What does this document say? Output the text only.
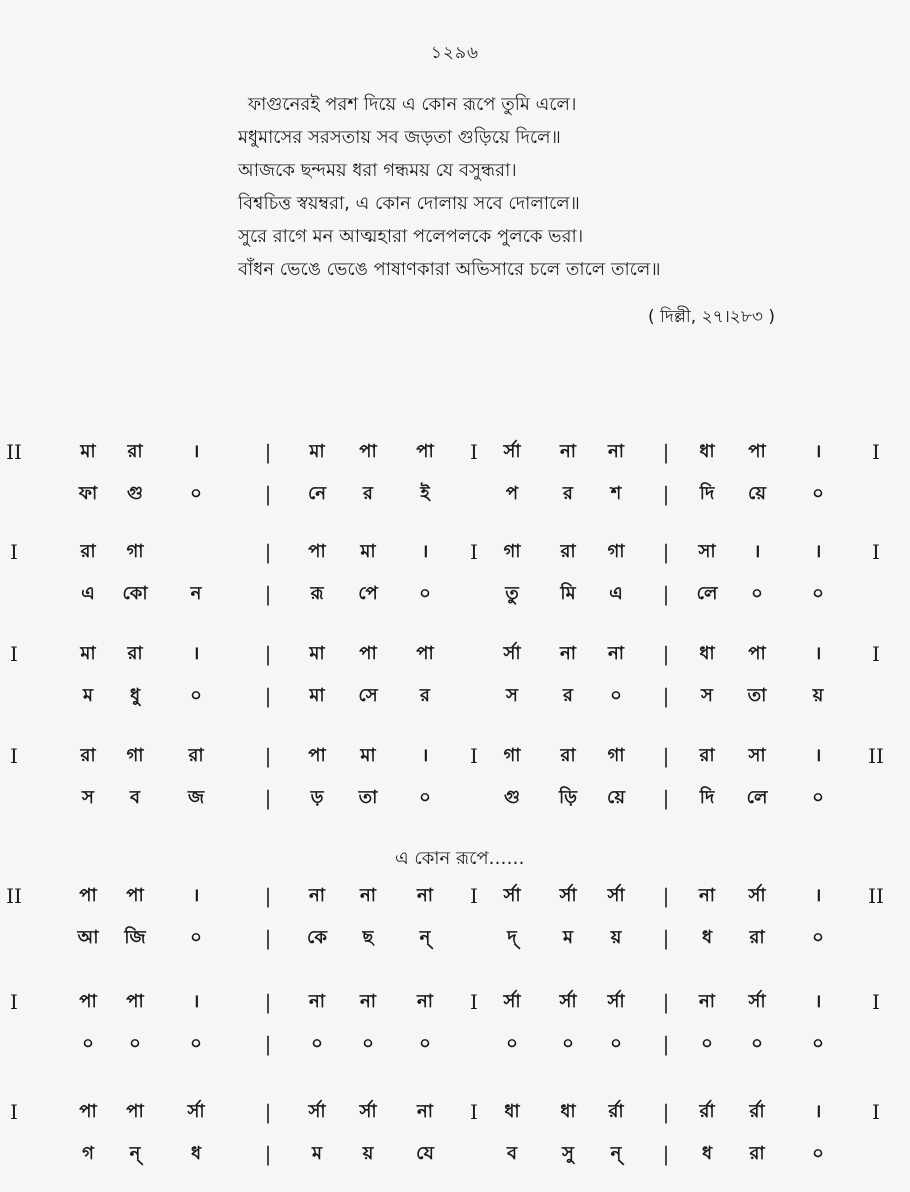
১২৯৬
ফাগুনেরই পরশ দিয়ে এ কোন রূপে তুমি এলে।
মধুমাসের সরসতায় সব জড়তা গুড়িয়ে দিলে॥
আজকে ছন্দময় ধরা গন্ধময় যে বসুন্ধরা।
বিশ্বচিত্ত স্বয়ম্বরা, এ কোন দোলায় সবে দোলালে॥
সুরে রাগে মন আত্মহারা পলেপলকে পুলকে ভরা।
বাঁধন ভেঙে ভেঙে পাষাণকারা অভিসারে চলে তালে তালে॥
( দিল্লী, ২৭।২৮৩ )
এ কোন রূপে……
II	মা	রা	।	|	মা	পা	পা	I	র্সা	না	না	|	ধা	পা	।	I
ফা	গু	০	|	নে	র	ই	প	র	শ	|	দি	য়ে	০
I	রা	গা	|	পা	মা	।	I	গা	রা	গা	|	সা	।	।	I
এ	কো	ন	|	রূ	পে	০	তু	মি	এ	|	লে	০	০
I	মা	রা	।	|	মা	পা	পা	র্সা	না	না	|	ধা	পা	।	I
ম	ধু	০	|	মা	সে	র	স	র	০	|	স	তা	য়
I	রা	গা	রা	|	পা	মা	।	I	গা	রা	গা	|	রা	সা	।	II
স	ব	জ	|	ড়	তা	০	গু	ড়ি	য়ে	|	দি	লে	০
II	পা	পা	।	|	না	না	না	I	র্সা	র্সা	র্সা	|	না	র্সা	।	II
আ	জি	০	|	কে	ছ	ন্	দ্	ম	য়	|	ধ	রা	০
I	পা	পা	।	|	না	না	না	I	র্সা	র্সা	র্সা	|	না	র্সা	।	I
০	০	০	|	০	০	০	০	০	০	|	০	০	০
I	পা	পা	র্সা	|	র্সা	র্সা	না	I	ধা	ধা	র্রা	|	র্রা	র্রা	।	I
গ	ন্	ধ	|	ম	য়	যে	ব	সু	ন্	|	ধ	রা	০
